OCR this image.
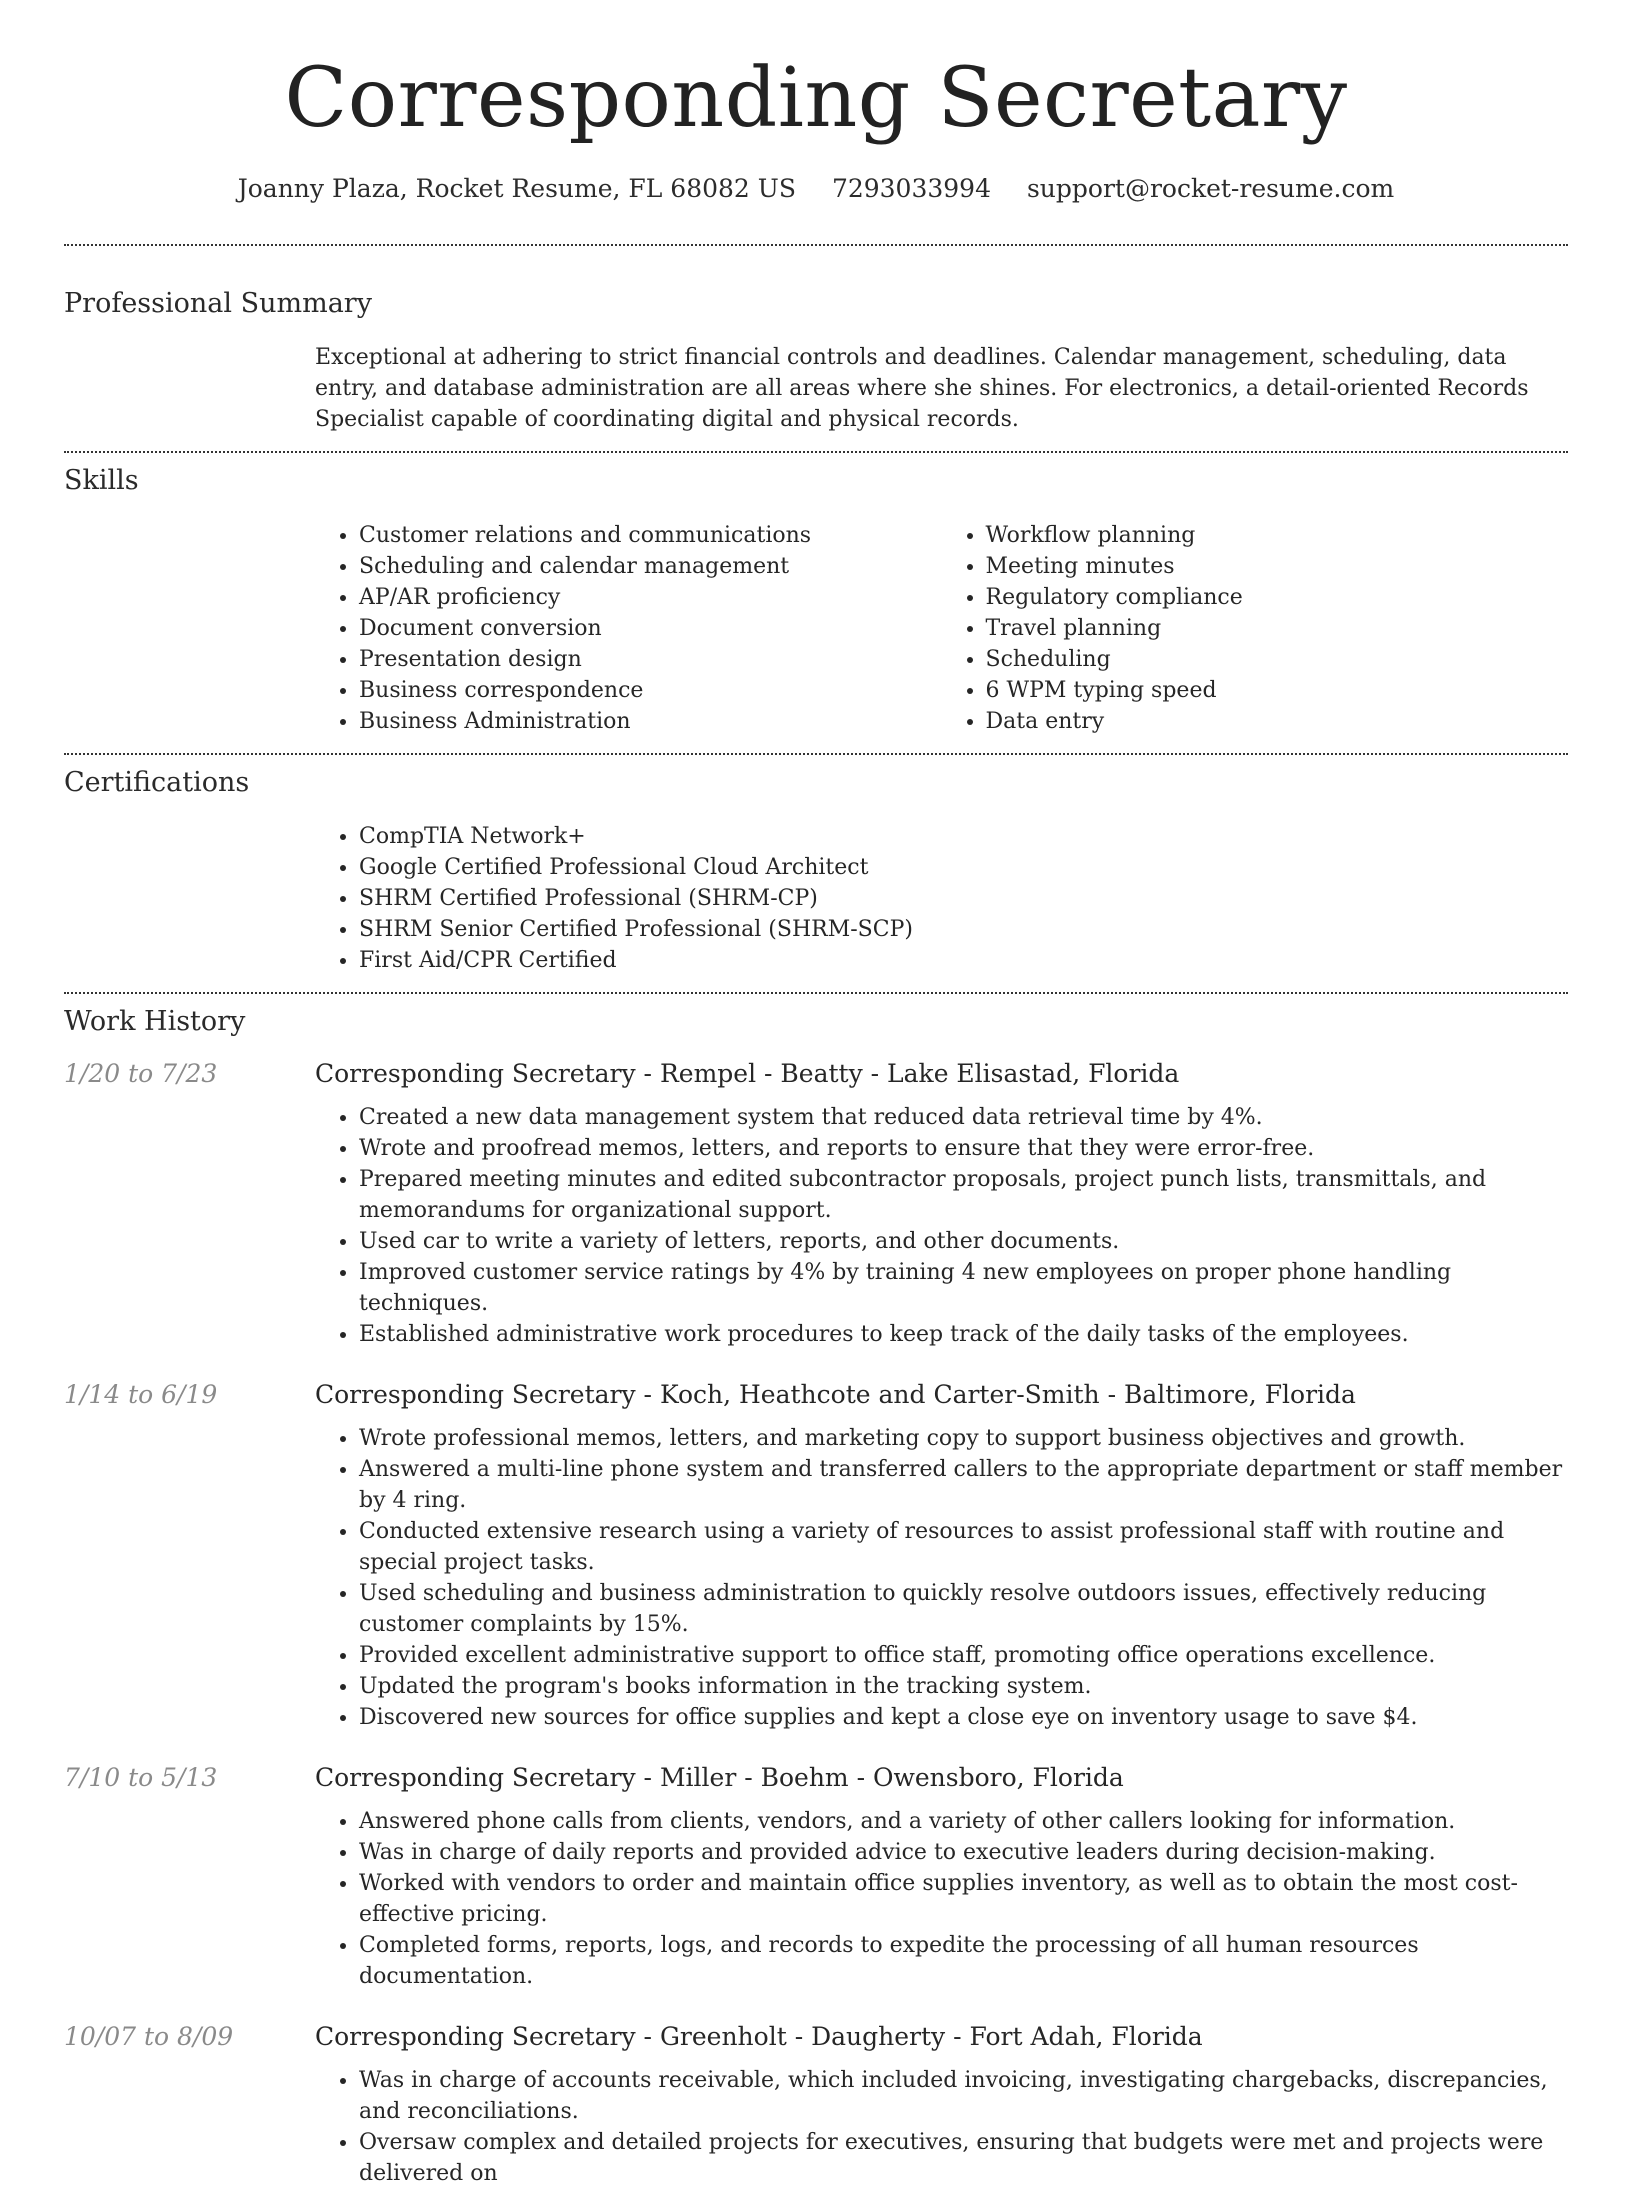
Corresponding Secretary
Joanny Plaza, Rocket Resume, FL 68082 US 7293033994 support@rocket-resume.com
Professional Summary

Exceptional at adhering to strict financial controls and deadlines. Calendar management, scheduling, data entry, and database administration are all areas where she shines. For electronics, a detail-oriented Records Specialist capable of coordinating digital and physical records.

Skills
• Customer relations and communications
• Scheduling and calendar management
• AP/AR proficiency
• Document conversion
• Presentation design
• Business correspondence
• Business Administration
• Workflow planning
• Meeting minutes
• Regulatory compliance
• Travel planning
• Scheduling
• 6 WPM typing speed
• Data entry
Certifications
• CompTIA Network+
• Google Certified Professional Cloud Architect
• SHRM Certified Professional (SHRM-CP)
• SHRM Senior Certified Professional (SHRM-SCP)
• First Aid/CPR Certified
Work History
1/20 to 7/23	Corresponding Secretary - Rempel - Beatty - Lake Elisastad, Florida
• Created a new data management system that reduced data retrieval time by 4%.
• Wrote and proofread memos, letters, and reports to ensure that they were error-free.
• Prepared meeting minutes and edited subcontractor proposals, project punch lists, transmittals, and memorandums for organizational support.
• Used car to write a variety of letters, reports, and other documents.
• Improved customer service ratings by 4% by training 4 new employees on proper phone handling techniques.
• Established administrative work procedures to keep track of the daily tasks of the employees.
1/14 to 6/19	Corresponding Secretary - Koch, Heathcote and Carter-Smith - Baltimore, Florida
• Wrote professional memos, letters, and marketing copy to support business objectives and growth.
• Answered a multi-line phone system and transferred callers to the appropriate department or staff member by 4 ring.
• Conducted extensive research using a variety of resources to assist professional staff with routine and special project tasks.
• Used scheduling and business administration to quickly resolve outdoors issues, effectively reducing customer complaints by 15%.
• Provided excellent administrative support to office staff, promoting office operations excellence.
• Updated the program's books information in the tracking system.
• Discovered new sources for office supplies and kept a close eye on inventory usage to save $4.
7/10 to 5/13	Corresponding Secretary - Miller - Boehm - Owensboro, Florida
• Answered phone calls from clients, vendors, and a variety of other callers looking for information.
• Was in charge of daily reports and provided advice to executive leaders during decision-making.
• Worked with vendors to order and maintain office supplies inventory, as well as to obtain the most cost-effective pricing.
• Completed forms, reports, logs, and records to expedite the processing of all human resources documentation.
10/07 to 8/09	Corresponding Secretary - Greenholt - Daugherty - Fort Adah, Florida
• Was in charge of accounts receivable, which included invoicing, investigating chargebacks, discrepancies, and reconciliations.
• Oversaw complex and detailed projects for executives, ensuring that budgets were met and projects were delivered on
